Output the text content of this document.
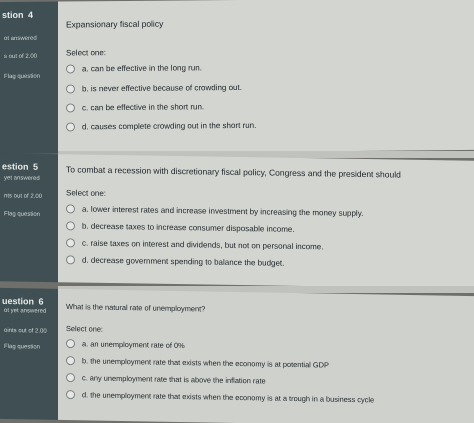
stion 4
ot answered
s out of 2.00
Flag question
Expansionary fiscal policy
Select one:
a. can be effective in the long run.
b. is never effective because of crowding out.
c. can be effective in the short run.
d. causes complete crowding out in the short run.
estion 5
yet answered
nts out of 2.00
Flag question
To combat a recession with discretionary fiscal policy, Congress and the president should
Select one:
a. lower interest rates and increase investment by increasing the money supply.
b. decrease taxes to increase consumer disposable income.
c. raise taxes on interest and dividends, but not on personal income.
d. decrease government spending to balance the budget.
uestion 6
ot yet answered
oints out of 2.00
Flag question
What is the natural rate of unemployment?
Select one:
a. an unemployment rate of 0%
b. the unemployment rate that exists when the economy is at potential GDP
c. any unemployment rate that is above the inflation rate
d. the unemployment rate that exists when the economy is at a trough in a business cycle
